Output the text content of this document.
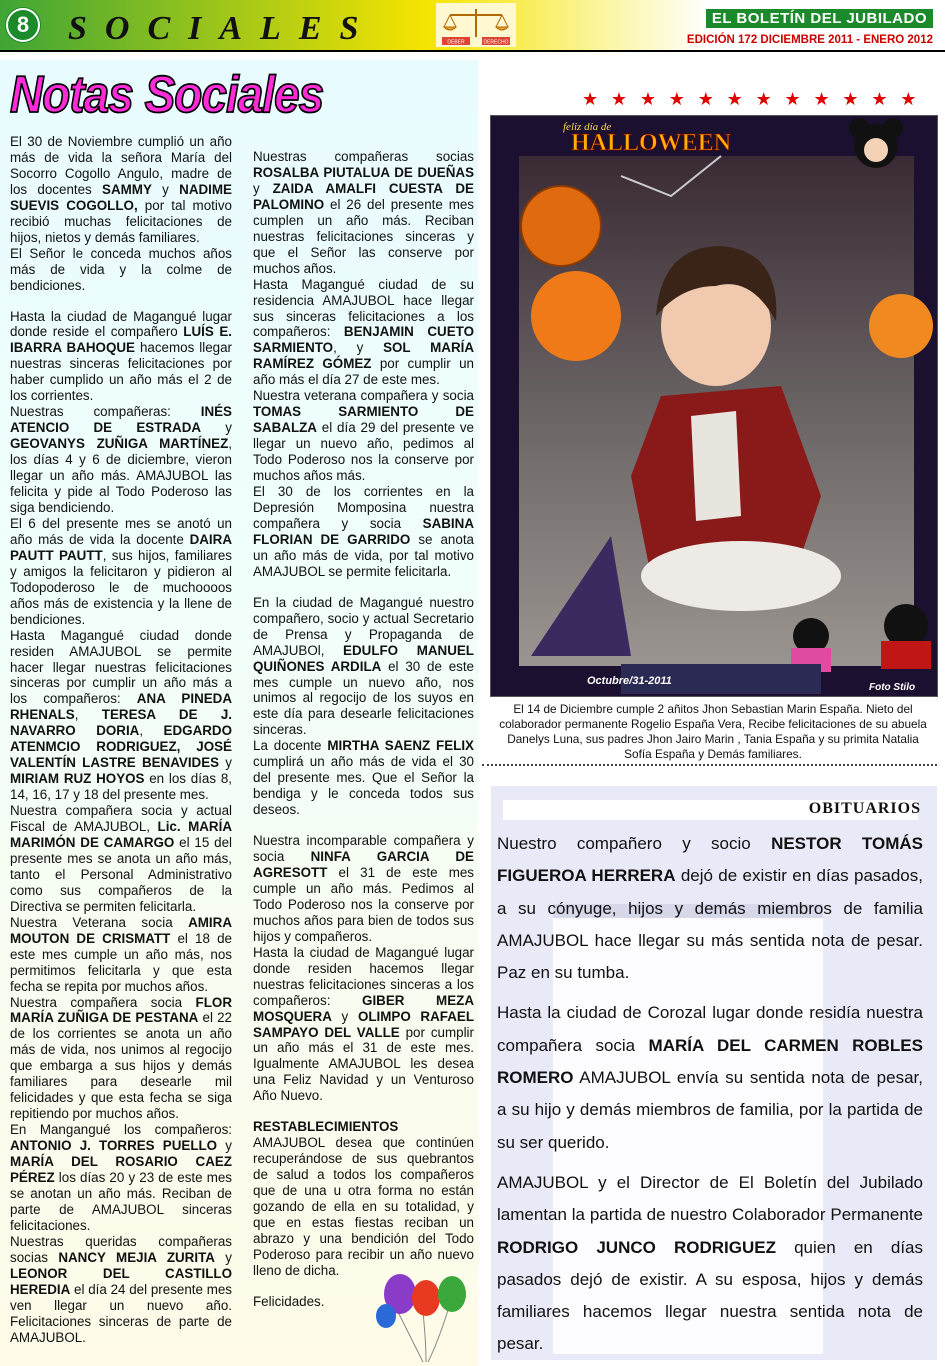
8	SOCIALES	DEBER	DERECHO
EL BOLETÍN DEL JUBILADO
EDICIÓN 172 DICIEMBRE 2011 - ENERO 2012
Notas Sociales

El 30 de Noviembre cumplió un año más de vida la señora María del Socorro Cogollo Angulo, madre de los docentes SAMMY y NADIME SUEVIS COGOLLO, por tal motivo recibió muchas felicitaciones de hijos, nietos y demás familiares.

El Señor le conceda muchos años más de vida y la colme de bendiciones.

Hasta la ciudad de Magangué lugar donde reside el compañero LUÍS E. IBARRA BAHOQUE hacemos llegar nuestras sinceras felicitaciones por haber cumplido un año más el 2 de los corrientes.

Nuestras compañeras: INÉS ATENCIO DE ESTRADA y GEOVANYS ZUÑIGA MARTÍNEZ, los días 4 y 6 de diciembre, vieron llegar un año más. AMAJUBOL las felicita y pide al Todo Poderoso las siga bendiciendo.

El 6 del presente mes se anotó un año más de vida la docente DAIRA PAUTT PAUTT, sus hijos, familiares y amigos la felicitaron y pidieron al Todopoderoso le de muchoooos años más de existencia y la llene de bendiciones.

Hasta Magangué ciudad donde residen AMAJUBOL se permite hacer llegar nuestras felicitaciones sinceras por cumplir un año más a los compañeros: ANA PINEDA RHENALS, TERESA DE J. NAVARRO DORIA, EDGARDO ATENMCIO RODRIGUEZ, JOSÉ VALENTÍN LASTRE BENAVIDES y MIRIAM RUZ HOYOS en los días 8, 14, 16, 17 y 18 del presente mes.

Nuestra compañera socia y actual Fiscal de AMAJUBOL, Lic. MARÍA MARIMÓN DE CAMARGO el 15 del presente mes se anota un año más, tanto el Personal Administrativo como sus compañeros de la Directiva se permiten felicitarla.

Nuestra Veterana socia AMIRA MOUTON DE CRISMATT el 18 de este mes cumple un año más, nos permitimos felicitarla y que esta fecha se repita por muchos años.

Nuestra compañera socia FLOR MARÍA ZUÑIGA DE PESTANA el 22 de los corrientes se anota un año más de vida, nos unimos al regocijo que embarga a sus hijos y demás familiares para desearle mil felicidades y que esta fecha se siga repitiendo por muchos años.

En Mangangué los compañeros: ANTONIO J. TORRES PUELLO y MARÍA DEL ROSARIO CAEZ PÉREZ los días 20 y 23 de este mes se anotan un año más. Reciban de parte de AMAJUBOL sinceras felicitaciones.

Nuestras queridas compañeras socias NANCY MEJIA ZURITA y LEONOR DEL CASTILLO HEREDIA el día 24 del presente mes ven llegar un nuevo año. Felicitaciones sinceras de parte de AMAJUBOL.

Nuestras compañeras socias ROSALBA PIUTALUA DE DUEÑAS y ZAIDA AMALFI CUESTA DE PALOMINO el 26 del presente mes cumplen un año más. Reciban nuestras felicitaciones sinceras y que el Señor las conserve por muchos años.

Hasta Magangué ciudad de su residencia AMAJUBOL hace llegar sus sinceras felicitaciones a los compañeros: BENJAMIN CUETO SARMIENTO, y SOL MARÍA RAMÍREZ GÓMEZ por cumplir un año más el día 27 de este mes.

Nuestra veterana compañera y socia TOMAS SARMIENTO DE SABALZA el día 29 del presente ve llegar un nuevo año, pedimos al Todo Poderoso nos la conserve por muchos años más.

El 30 de los corrientes en la Depresión Momposina nuestra compañera y socia SABINA FLORIAN DE GARRIDO se anota un año más de vida, por tal motivo AMAJUBOL se permite felicitarla.

En la ciudad de Magangué nuestro compañero, socio y actual Secretario de Prensa y Propaganda de AMAJUBOl, EDULFO MANUEL QUIÑONES ARDILA el 30 de este mes cumple un nuevo año, nos unimos al regocijo de los suyos en este día para desearle felicitaciones sinceras.

La docente MIRTHA SAENZ FELIX cumplirá un año más de vida el 30 del presente mes. Que el Señor la bendiga y le conceda todos sus deseos.

Nuestra incomparable compañera y socia NINFA GARCIA DE AGRESOTT el 31 de este mes cumple un año más. Pedimos al Todo Poderoso nos la conserve por muchos años para bien de todos sus hijos y compañeros.

Hasta la ciudad de Magangué lugar donde residen hacemos llegar nuestras felicitaciones sinceras a los compañeros: GIBER MEZA MOSQUERA y OLIMPO RAFAEL SAMPAYO DEL VALLE por cumplir un año más el 31 de este mes. Igualmente AMAJUBOL les desea una Feliz Navidad y un Venturoso Año Nuevo.

RESTABLECIMIENTOS

AMAJUBOL desea que continúen recuperándose de sus quebrantos de salud a todos los compañeros que de una u otra forma no están gozando de ella en su totalidad, y que en estas fiestas reciban un abrazo y una bendición del Todo Poderoso para recibir un año nuevo lleno de dicha.

Felicidades.

★★★★★★★★★★★★
feliz día de
HALLOWEEN
Octubre/31-2011
Foto Stilo
El 14 de Diciembre cumple 2 añitos Jhon Sebastian Marin España. Nieto del colaborador permanente Rogelio España Vera, Recibe felicitaciones de su abuela Danelys Luna, sus padres Jhon Jairo Marin , Tania España y su primita Natalia Sofía España y Demás familiares.
OBITUARIOS

Nuestro compañero y socio NESTOR TOMÁS FIGUEROA HERRERA dejó de existir en días pasados, a su cónyuge, hijos y demás miembros de familia AMAJUBOL hace llegar su más sentida nota de pesar. Paz en su tumba.

Hasta la ciudad de Corozal lugar donde residía nuestra compañera socia MARÍA DEL CARMEN ROBLES ROMERO AMAJUBOL envía su sentida nota de pesar, a su hijo y demás miembros de familia, por la partida de su ser querido.

AMAJUBOL y el Director de El Boletín del Jubilado lamentan la partida de nuestro Colaborador Permanente RODRIGO JUNCO RODRIGUEZ quien en días pasados dejó de existir. A su esposa, hijos y demás familiares hacemos llegar nuestra sentida nota de pesar.
